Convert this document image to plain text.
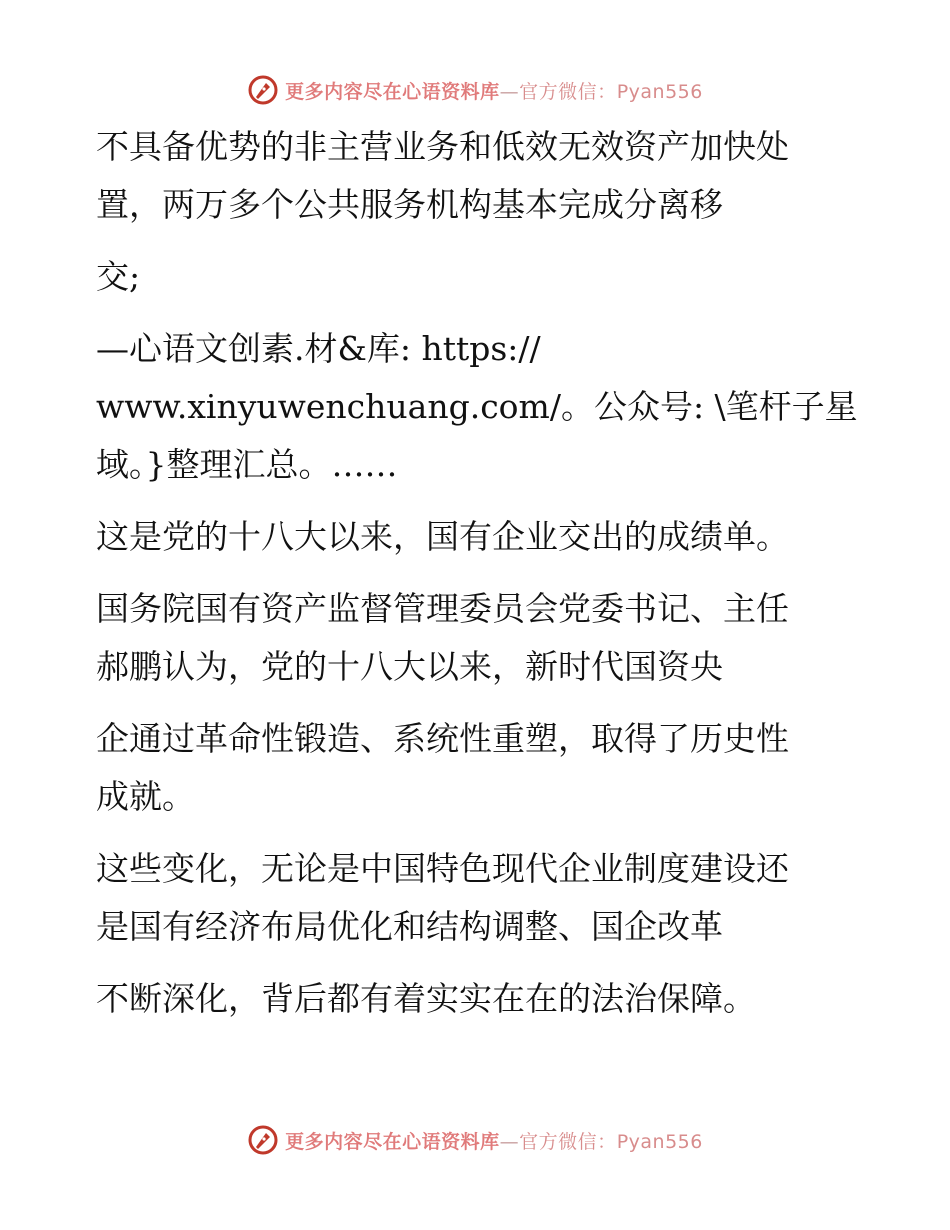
更多内容尽在心语资料库—官方微信：Pyan556
不具备优势的非主营业务和低效无效资产加快处
置，两万多个公共服务机构基本完成分离移
交;
—心语文创素.材&库: https://
www.xinyuwenchuang.com/。公众号: \笔杆子星
域。}整理汇总。……
这是党的十八大以来，国有企业交出的成绩单。
国务院国有资产监督管理委员会党委书记、主任
郝鹏认为，党的十八大以来，新时代国资央
企通过革命性锻造、系统性重塑，取得了历史性
成就。
这些变化，无论是中国特色现代企业制度建设还
是国有经济布局优化和结构调整、国企改革
不断深化，背后都有着实实在在的法治保障。
更多内容尽在心语资料库—官方微信：Pyan556
